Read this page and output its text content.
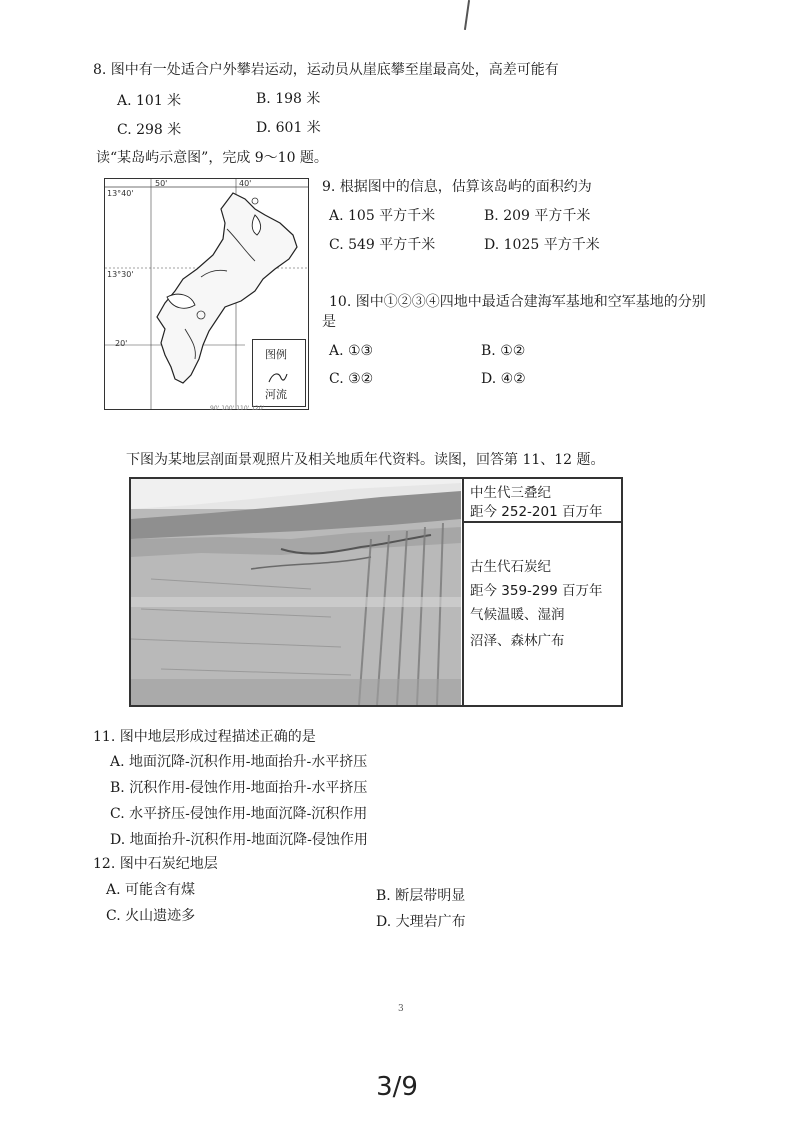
8. 图中有一处适合户外攀岩运动，运动员从崖底攀至崖最高处，高差可能有
A. 101 米	B. 198 米
C. 298 米	D. 601 米
读“某岛屿示意图”，完成 9～10 题。
13°40'
13°30'
20'
50'	40'
图例
河流
90' 100' 110' 120'
9. 根据图中的信息，估算该岛屿的面积约为
A. 105 平方千米	B. 209 平方千米
C. 549 平方千米	D. 1025 平方千米
10. 图中①②③④四地中最适合建海军基地和空军基地的分别
是
A. ①③	B. ①②
C. ③②	D. ④②
下图为某地层剖面景观照片及相关地质年代资料。读图，回答第 11、12 题。
中生代三叠纪
距今 252-201 百万年
古生代石炭纪
距今 359-299 百万年
气候温暖、湿润
沼泽、森林广布
11. 图中地层形成过程描述正确的是
A. 地面沉降-沉积作用-地面抬升-水平挤压
B. 沉积作用-侵蚀作用-地面抬升-水平挤压
C. 水平挤压-侵蚀作用-地面沉降-沉积作用
D. 地面抬升-沉积作用-地面沉降-侵蚀作用
12. 图中石炭纪地层
A. 可能含有煤	B. 断层带明显
C. 火山遗迹多	D. 大理岩广布
3
3/9
